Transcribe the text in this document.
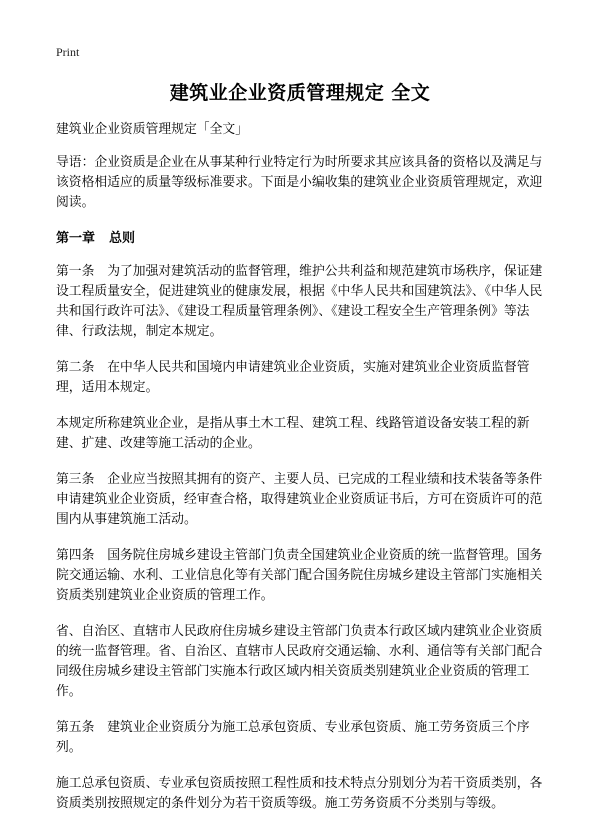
Print
建筑业企业资质管理规定 全文

建筑业企业资质管理规定「全文」

导语：企业资质是企业在从事某种行业特定行为时所要求其应该具备的资格以及满足与该资格相适应的质量等级标准要求。下面是小编收集的建筑业企业资质管理规定，欢迎阅读。

第一章 总则

第一条　为了加强对建筑活动的监督管理，维护公共利益和规范建筑市场秩序，保证建设工程质量安全，促进建筑业的健康发展，根据《中华人民共和国建筑法》、《中华人民共和国行政许可法》、《建设工程质量管理条例》、《建设工程安全生产管理条例》等法律、行政法规，制定本规定。

第二条　在中华人民共和国境内申请建筑业企业资质，实施对建筑业企业资质监督管理，适用本规定。

本规定所称建筑业企业，是指从事土木工程、建筑工程、线路管道设备安装工程的新建、扩建、改建等施工活动的企业。

第三条　企业应当按照其拥有的资产、主要人员、已完成的工程业绩和技术装备等条件申请建筑业企业资质，经审查合格，取得建筑业企业资质证书后，方可在资质许可的范围内从事建筑施工活动。

第四条　国务院住房城乡建设主管部门负责全国建筑业企业资质的统一监督管理。国务院交通运输、水利、工业信息化等有关部门配合国务院住房城乡建设主管部门实施相关资质类别建筑业企业资质的管理工作。

省、自治区、直辖市人民政府住房城乡建设主管部门负责本行政区域内建筑业企业资质的统一监督管理。省、自治区、直辖市人民政府交通运输、水利、通信等有关部门配合同级住房城乡建设主管部门实施本行政区域内相关资质类别建筑业企业资质的管理工作。

第五条　建筑业企业资质分为施工总承包资质、专业承包资质、施工劳务资质三个序列。

施工总承包资质、专业承包资质按照工程性质和技术特点分别划分为若干资质类别，各资质类别按照规定的条件划分为若干资质等级。施工劳务资质不分类别与等级。
